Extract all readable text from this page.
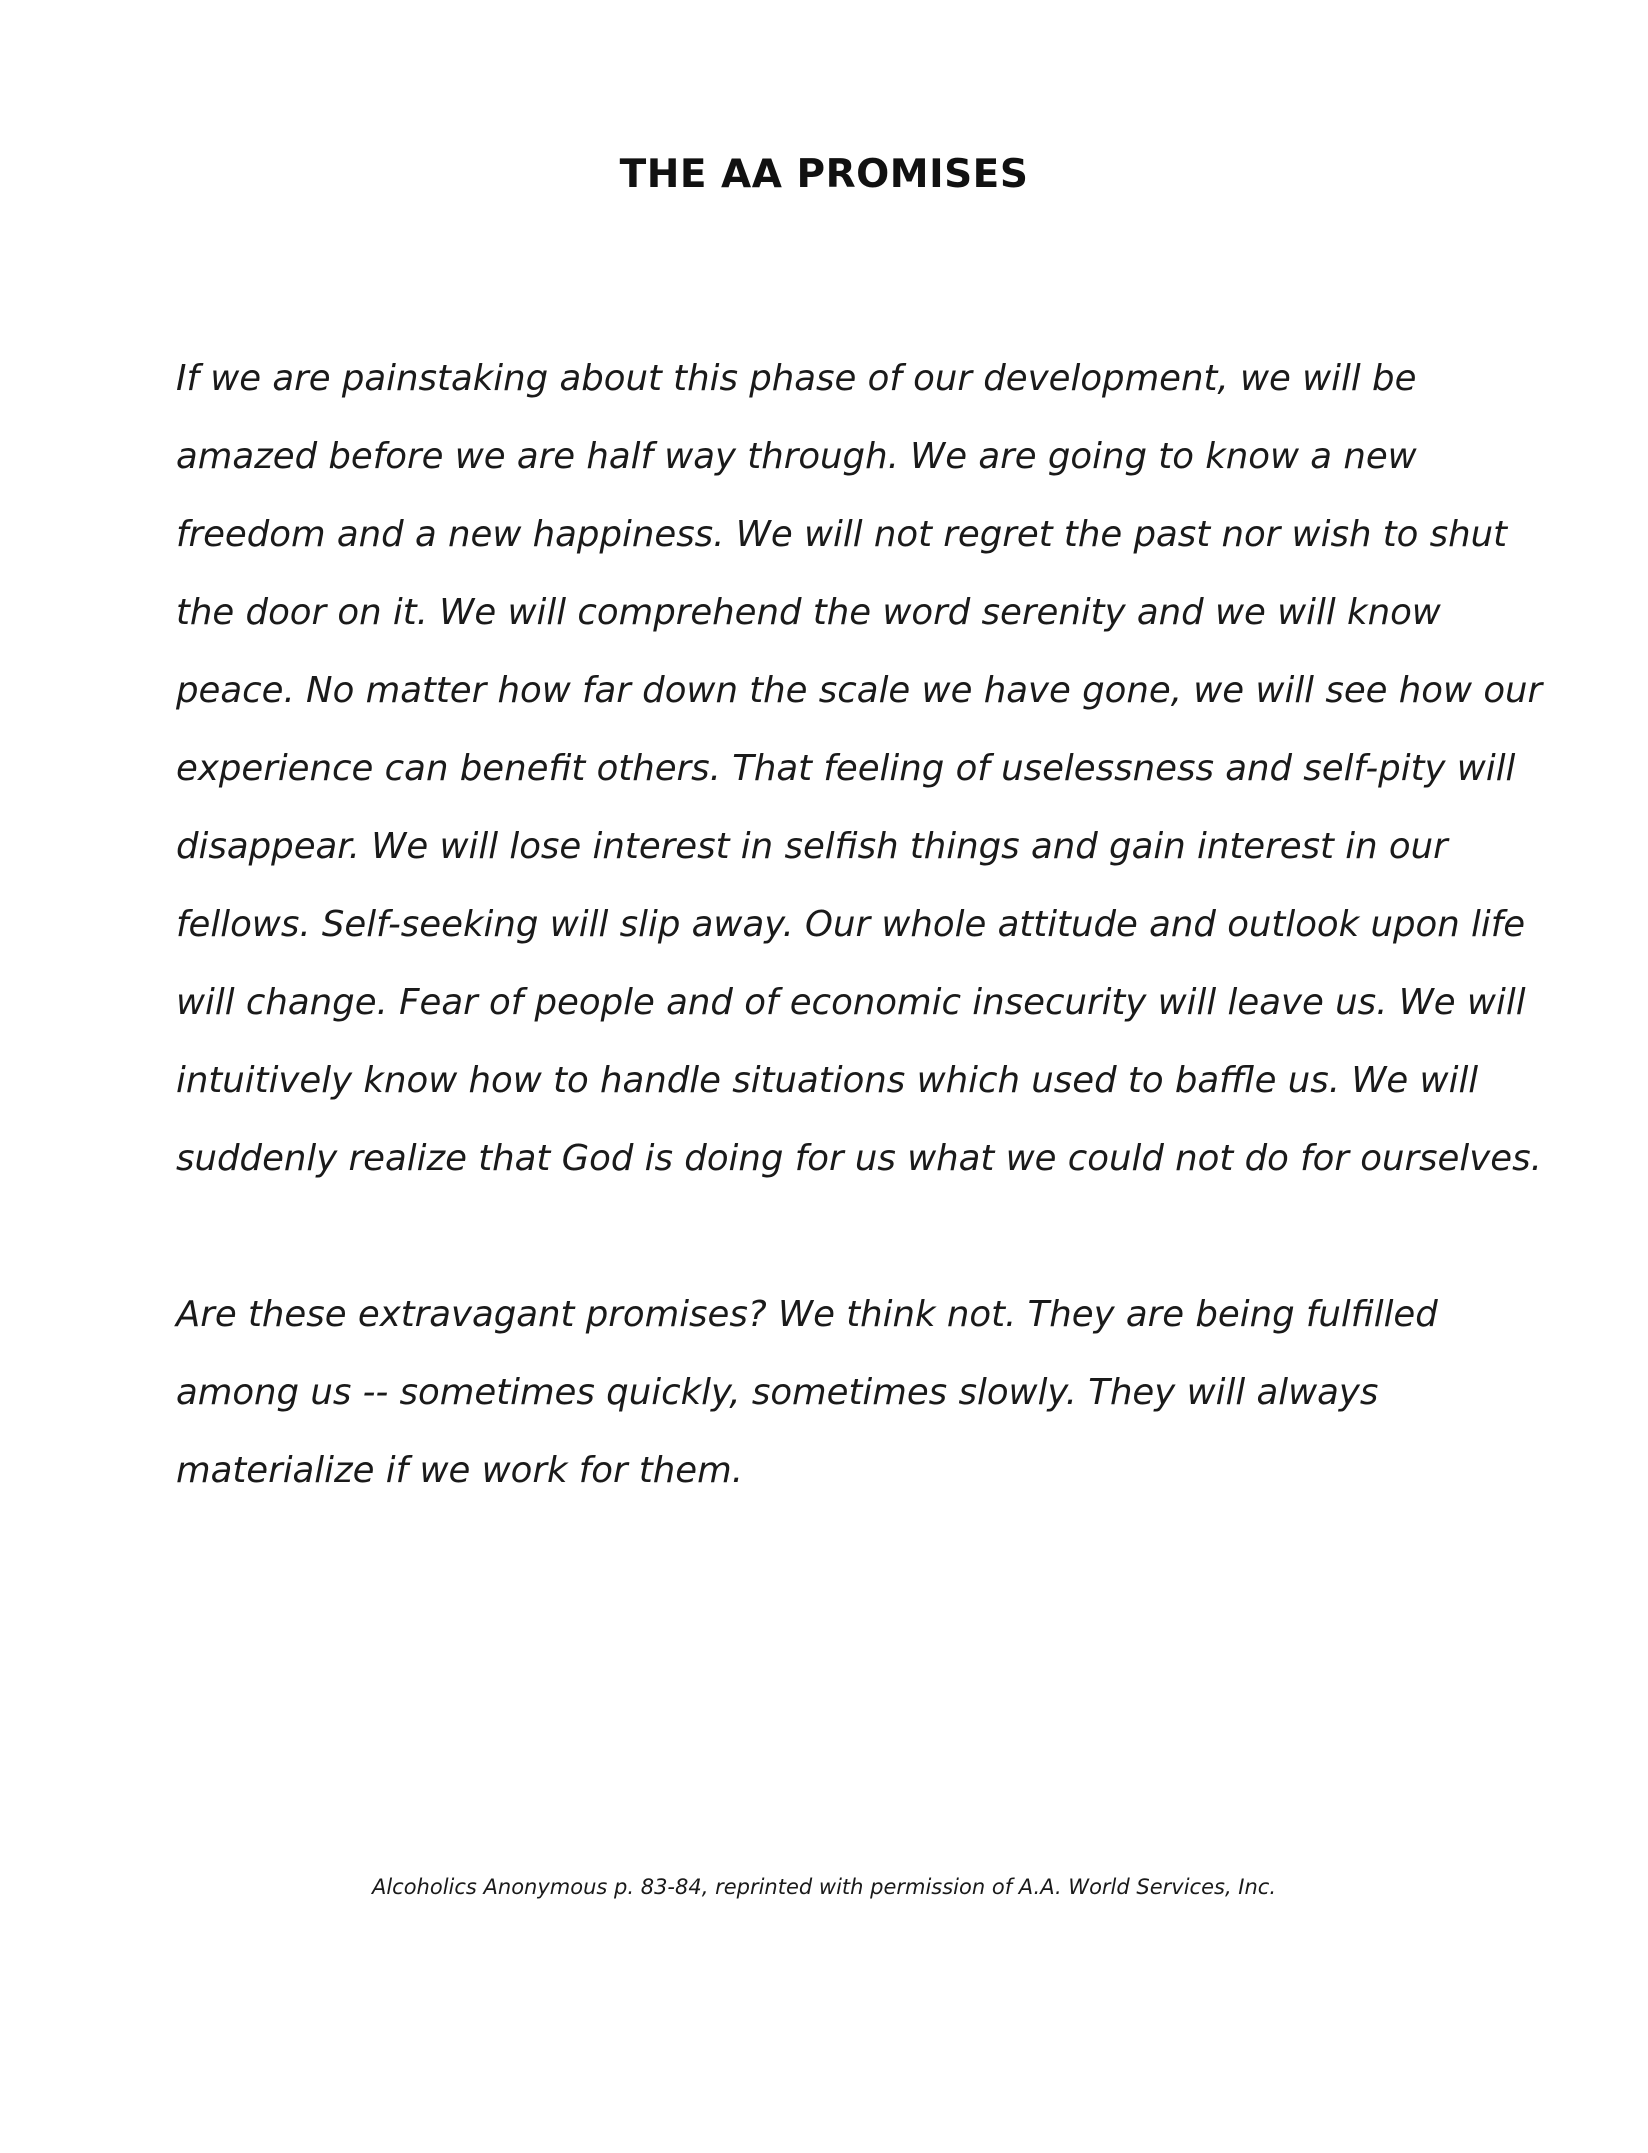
THE AA PROMISES

If we are painstaking about this phase of our development, we will be
amazed before we are half way through. We are going to know a new
freedom and a new happiness. We will not regret the past nor wish to shut
the door on it. We will comprehend the word serenity and we will know
peace. No matter how far down the scale we have gone, we will see how our
experience can benefit others. That feeling of uselessness and self-pity will
disappear. We will lose interest in selfish things and gain interest in our
fellows. Self-seeking will slip away. Our whole attitude and outlook upon life
will change. Fear of people and of economic insecurity will leave us. We will
intuitively know how to handle situations which used to baffle us. We will
suddenly realize that God is doing for us what we could not do for ourselves.

Are these extravagant promises? We think not. They are being fulfilled
among us -- sometimes quickly, sometimes slowly. They will always
materialize if we work for them.

Alcoholics Anonymous p. 83-84, reprinted with permission of A.A. World Services, Inc.
